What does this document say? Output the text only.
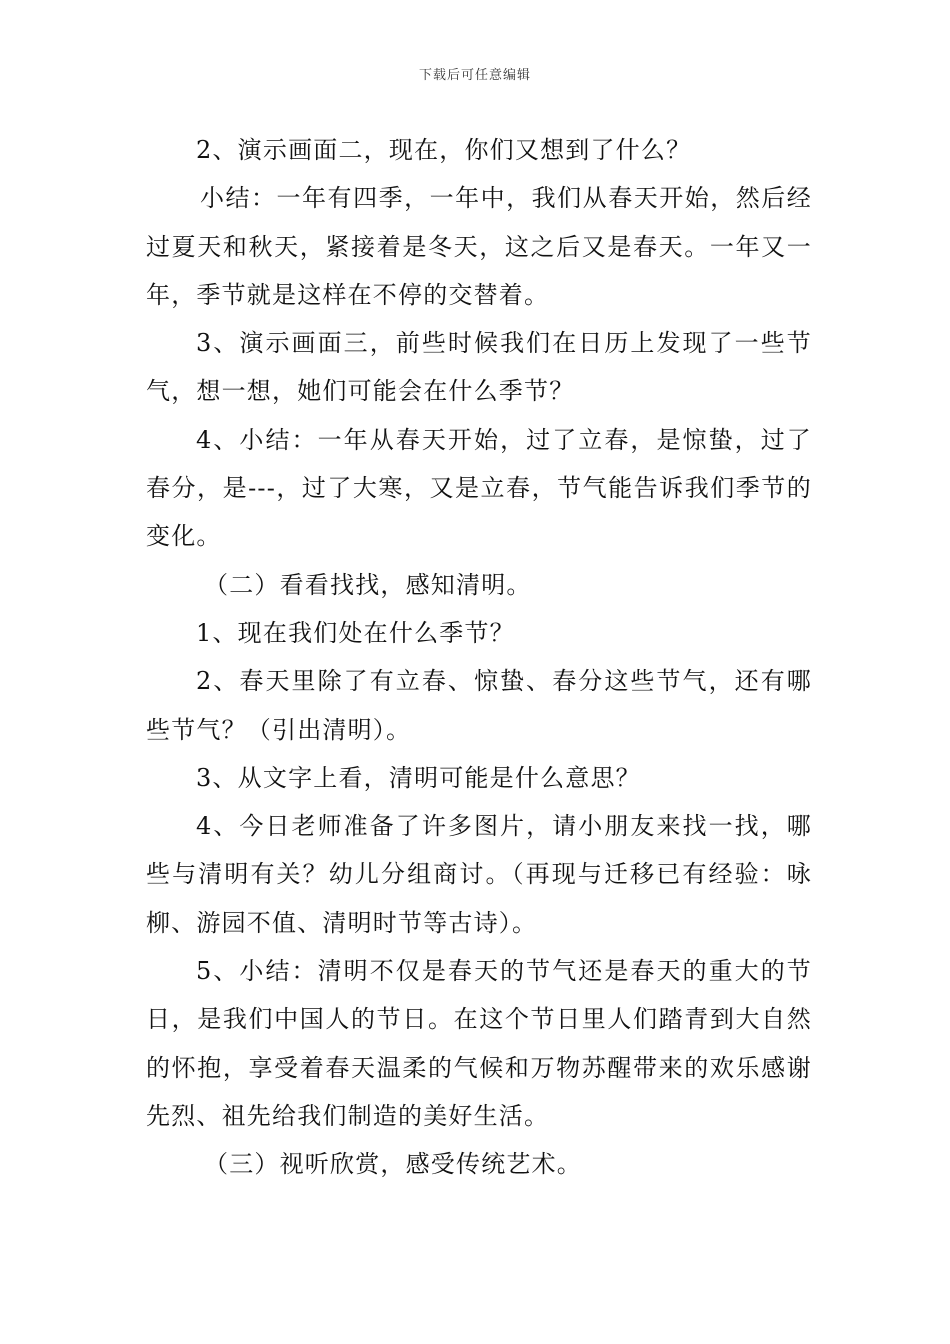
下载后可任意编辑

2、演示画面二，现在，你们又想到了什么？

小结：一年有四季，一年中，我们从春天开始，然后经过夏天和秋天，紧接着是冬天，这之后又是春天。一年又一年，季节就是这样在不停的交替着。

3、演示画面三，前些时候我们在日历上发现了一些节气，想一想，她们可能会在什么季节？

4、小结：一年从春天开始，过了立春，是惊蛰，过了春分，是---，过了大寒，又是立春，节气能告诉我们季节的变化。

（二）看看找找，感知清明。

1、现在我们处在什么季节？

2、春天里除了有立春、惊蛰、春分这些节气，还有哪些节气？（引出清明）。

3、从文字上看，清明可能是什么意思？

4、今日老师准备了许多图片，请小朋友来找一找，哪些与清明有关？幼儿分组商讨。（再现与迁移已有经验：咏柳、游园不值、清明时节等古诗）。

5、小结：清明不仅是春天的节气还是春天的重大的节日，是我们中国人的节日。在这个节日里人们踏青到大自然的怀抱，享受着春天温柔的气候和万物苏醒带来的欢乐感谢先烈、祖先给我们制造的美好生活。

（三）视听欣赏，感受传统艺术。
